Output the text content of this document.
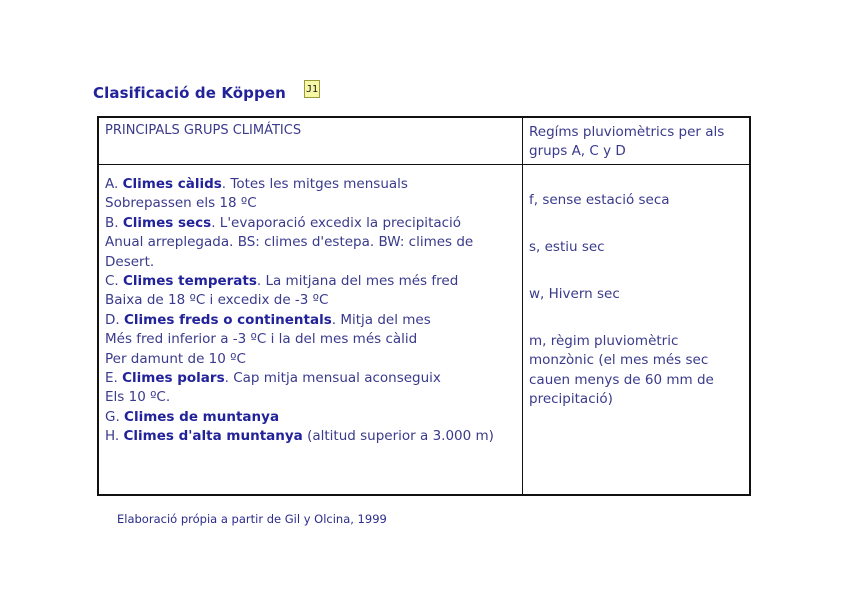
Clasificació de Köppen J1
PRINCIPALS GRUPS CLIMÁTICS	Regíms pluviomètrics per als grups A, C y D
A. Climes càlids. Totes les mitges mensuals
Sobrepassen els 18 ºC
B. Climes secs. L'evaporació excedix la precipitació
Anual arreplegada. BS: climes d'estepa. BW: climes de
Desert.
C. Climes temperats. La mitjana del mes més fred
Baixa de 18 ºC i excedix de -3 ºC
D. Climes freds o continentals. Mitja del mes
Més fred inferior a -3 ºC i la del mes més càlid
Per damunt de 10 ºC
E. Climes polars. Cap mitja mensual aconseguix
Els 10 ºC.
G. Climes de muntanya
H. Climes d'alta muntanya (altitud superior a 3.000 m)
f, sense estació seca
s, estiu sec
w, Hivern sec
m, règim pluviomètric monzònic (el mes més sec cauen menys de 60 mm de precipitació)
Elaboració própia a partir de Gil y Olcina, 1999
